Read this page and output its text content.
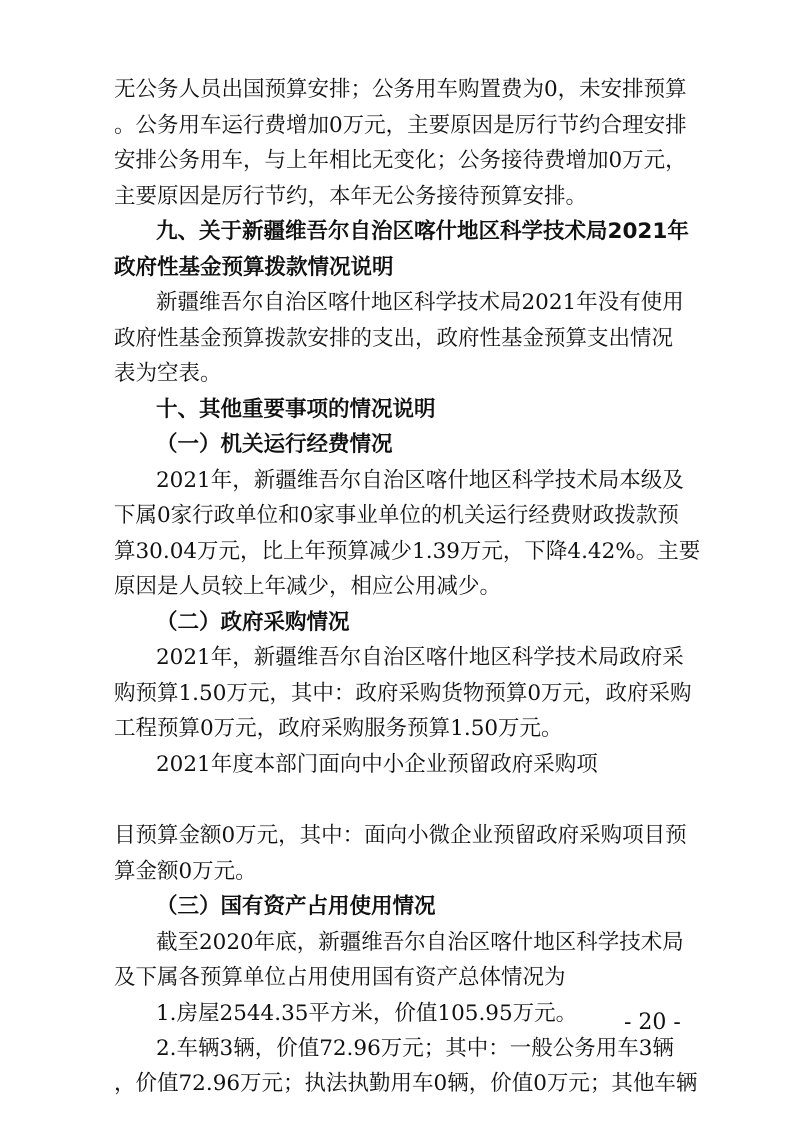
无公务人员出国预算安排；公务用车购置费为0，未安排预算
。公务用车运行费增加0万元，主要原因是厉行节约合理安排
安排公务用车，与上年相比无变化；公务接待费增加0万元，
主要原因是厉行节约，本年无公务接待预算安排。
九、关于新疆维吾尔自治区喀什地区科学技术局2021年
政府性基金预算拨款情况说明
新疆维吾尔自治区喀什地区科学技术局2021年没有使用
政府性基金预算拨款安排的支出，政府性基金预算支出情况
表为空表。
十、其他重要事项的情况说明
（一）机关运行经费情况
2021年，新疆维吾尔自治区喀什地区科学技术局本级及
下属0家行政单位和0家事业单位的机关运行经费财政拨款预
算30.04万元，比上年预算减少1.39万元，下降4.42%。主要
原因是人员较上年减少，相应公用减少。
（二）政府采购情况
2021年，新疆维吾尔自治区喀什地区科学技术局政府采
购预算1.50万元，其中：政府采购货物预算0万元，政府采购
工程预算0万元，政府采购服务预算1.50万元。
2021年度本部门面向中小企业预留政府采购项
目预算金额0万元，其中：面向小微企业预留政府采购项目预
算金额0万元。
（三）国有资产占用使用情况
截至2020年底，新疆维吾尔自治区喀什地区科学技术局
及下属各预算单位占用使用国有资产总体情况为
1.房屋2544.35平方米，价值105.95万元。
2.车辆3辆，价值72.96万元；其中：一般公务用车3辆
，价值72.96万元；执法执勤用车0辆，价值0万元；其他车辆
- 20 -
